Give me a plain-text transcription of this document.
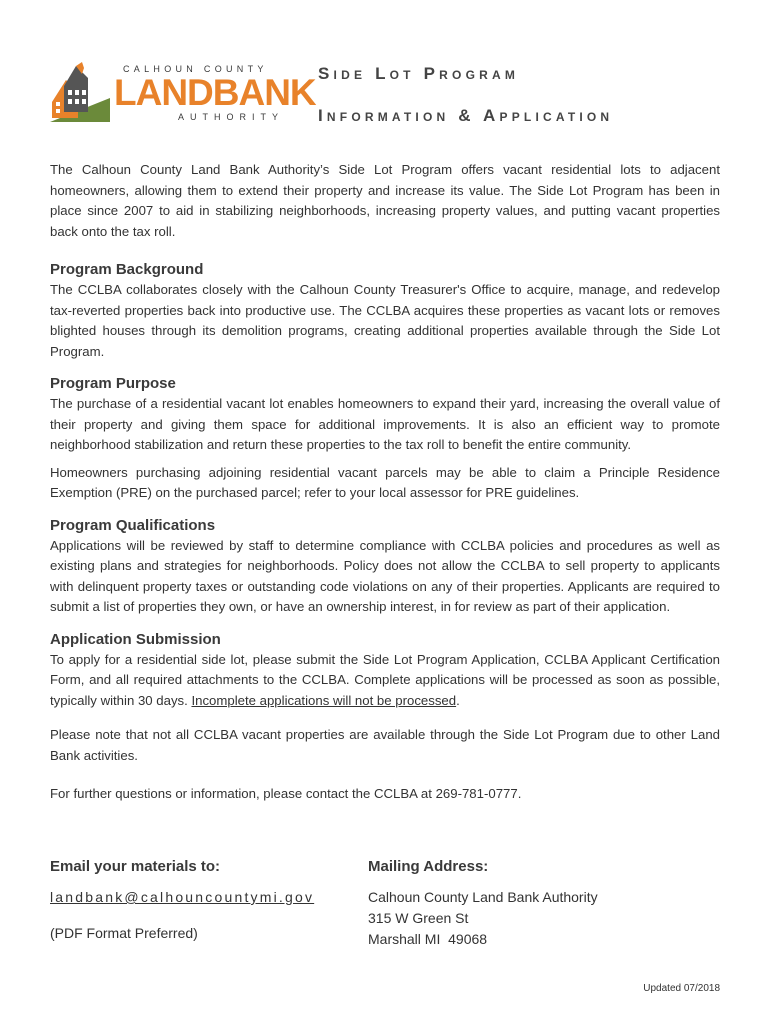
CALHOUN COUNTY
LANDBANK
AUTHORITY
Side Lot Program
Information & Application

The Calhoun County Land Bank Authority’s Side Lot Program offers vacant residential lots to adjacent homeowners, allowing them to extend their property and increase its value. The Side Lot Program has been in place since 2007 to aid in stabilizing neighborhoods, increasing property values, and putting vacant properties back onto the tax roll.

Program Background

The CCLBA collaborates closely with the Calhoun County Treasurer's Office to acquire, manage, and redevelop tax-reverted properties back into productive use. The CCLBA acquires these properties as vacant lots or removes blighted houses through its demolition programs, creating additional properties available through the Side Lot Program.

Program Purpose

The purchase of a residential vacant lot enables homeowners to expand their yard, increasing the overall value of their property and giving them space for additional improvements. It is also an efficient way to promote neighborhood stabilization and return these properties to the tax roll to benefit the entire community.

Homeowners purchasing adjoining residential vacant parcels may be able to claim a Principle Residence Exemption (PRE) on the purchased parcel; refer to your local assessor for PRE guidelines.

Program Qualifications

Applications will be reviewed by staff to determine compliance with CCLBA policies and procedures as well as existing plans and strategies for neighborhoods. Policy does not allow the CCLBA to sell property to applicants with delinquent property taxes or outstanding code violations on any of their properties. Applicants are required to submit a list of properties they own, or have an ownership interest, in for review as part of their application.

Application Submission

To apply for a residential side lot, please submit the Side Lot Program Application, CCLBA Applicant Certification Form, and all required attachments to the CCLBA. Complete applications will be processed as soon as possible, typically within 30 days. Incomplete applications will not be processed.

Please note that not all CCLBA vacant properties are available through the Side Lot Program due to other Land Bank activities.

For further questions or information, please contact the CCLBA at 269-781-0777.

Email your materials to:
landbank@calhouncountymi.gov
(PDF Format Preferred)
Mailing Address:
Calhoun County Land Bank Authority
315 W Green St
Marshall MI  49068
Updated 07/2018
